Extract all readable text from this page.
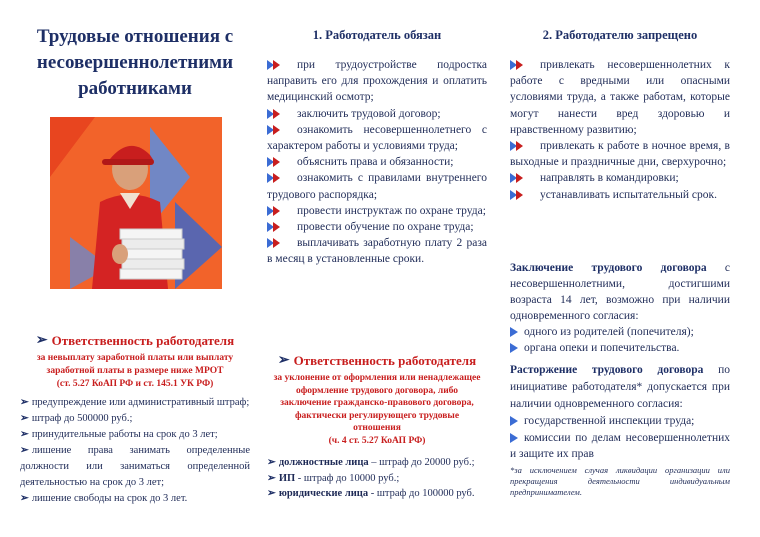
Трудовые отношения с
несовершеннолетними
работниками
➢ Ответственность работодателя
за невыплату заработной платы или выплату
заработной платы в размере ниже МРОТ
(ст. 5.27 КоАП РФ и ст. 145.1 УК РФ)
➢ предупреждение или административный штраф;
➢ штраф до 500000 руб.;
➢ принудительные работы на срок до 3 лет;
➢ лишение права занимать определенные должности или заниматься определенной деятельностью на срок до 3 лет;
➢ лишение свободы на срок до 3 лет.
1. Работодатель обязан
при трудоустройстве подростка направить его для прохождения и оплатить медицинский осмотр;
заключить трудовой договор;
ознакомить несовершеннолетнего с характером работы и условиями труда;
объяснить права и обязанности;
ознакомить с правилами внутреннего трудового распорядка;
провести инструктаж по охране труда;
провести обучение по охране труда;
выплачивать заработную плату 2 раза в месяц в установленные сроки.
➢ Ответственность работодателя
за уклонение от оформления или ненадлежащее
оформление трудового договора, либо
заключение гражданско-правового договора,
фактически регулирующего трудовые
отношения
(ч. 4 ст. 5.27 КоАП РФ)
➢ должностные лица – штраф до 20000 руб.;
➢ ИП - штраф до 10000 руб.;
➢ юридические лица - штраф до 100000 руб.
2. Работодателю запрещено
привлекать несовершеннолетних к работе с вредными или опасными условиями труда, а также работам, которые могут нанести вред здоровью и нравственному развитию;
привлекать к работе в ночное время, в выходные и праздничные дни, сверхурочно;
направлять в командировки;
устанавливать испытательный срок.

Заключение трудового договора с несовершеннолетними, достигшими возраста 14 лет, возможно при наличии одновременного согласия:

одного из родителей (попечителя);
органа опеки и попечительства.

Расторжение трудового договора по инициативе работодателя* допускается при наличии одновременного согласия:

государственной инспекции труда;
комиссии по делам несовершеннолетних и защите их прав

*за исключением случая ликвидации организации или прекращения деятельности индивидуальным предпринимателем.
